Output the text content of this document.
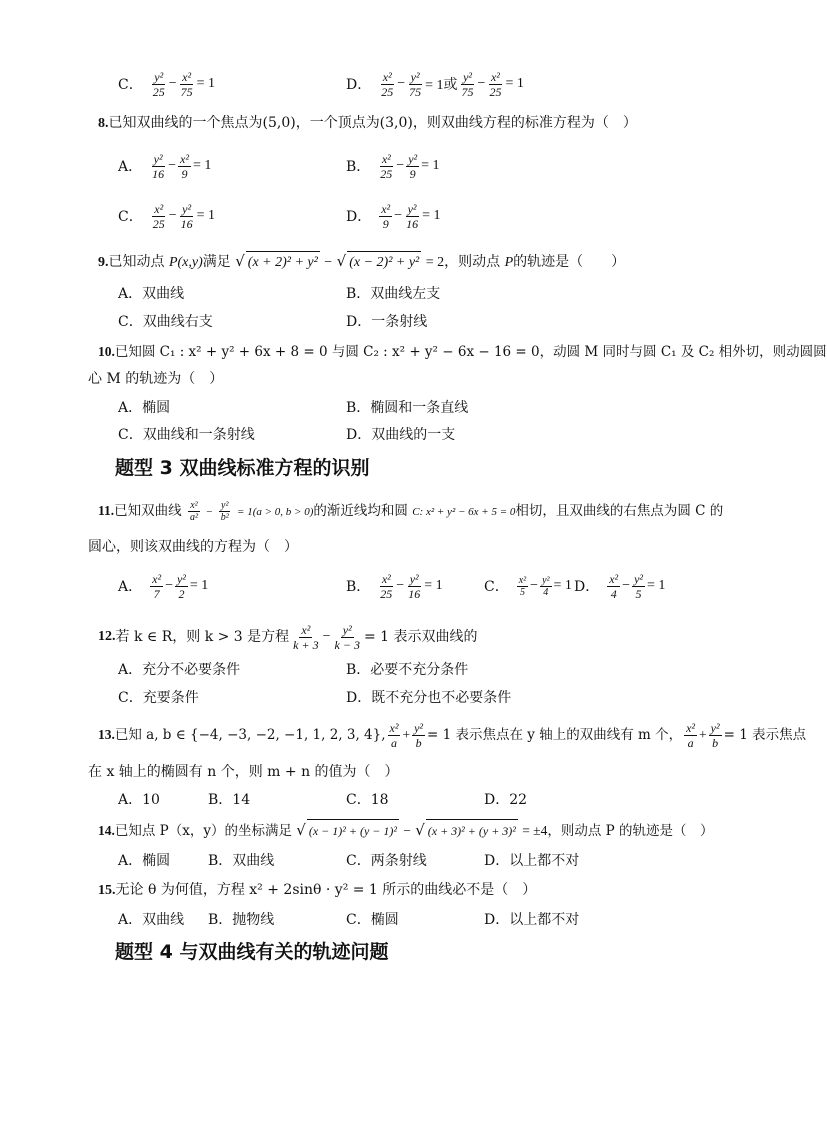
C． $\frac{\text{y²}}{25} - \frac{\text{x²}}{75} = 1$	D． $\frac{\text{x²}}{25} - \frac{\text{y²}}{75} = 1$或 $\frac{\text{y²}}{75} - \frac{\text{x²}}{25} = 1$
8.已知双曲线的一个焦点为(5,0)，一个顶点为(3,0)，则双曲线方程的标准方程为（　）
A． $\frac{\text{y²}}{16} - \frac{\text{x²}}{9} = 1$	B． $\frac{\text{x²}}{25} - \frac{\text{y²}}{9} = 1$
C． $\frac{\text{x²}}{25} - \frac{\text{y²}}{16} = 1$	D． $\frac{\text{x²}}{9} - \frac{\text{y²}}{16} = 1$
9.已知动点 P(x,y)满足 √ (x + 2)² + y² − √ (x − 2)² + y² = 2，则动点 P的轨迹是（　　）
A．双曲线	B．双曲线左支
C．双曲线右支	D．一条射线
10.已知圆 C₁ : x² + y² + 6x + 8 = 0 与圆 C₂ : x² + y² − 6x − 16 = 0，动圆 M 同时与圆 C₁ 及 C₂ 相外切，则动圆圆
心 M 的轨迹为（　）
A．椭圆	B．椭圆和一条直线
C．双曲线和一条射线	D．双曲线的一支
题型 3 双曲线标准方程的识别
11.已知双曲线 $\frac{\text{x²}}{\text{a²}} - \frac{\text{y²}}{\text{b²}} = 1(a > 0$, b > 0)的渐近线均和圆 C: x² + y² − 6x + 5 = 0相切，且双曲线的右焦点为圆 C 的
圆心，则该双曲线的方程为（　）
A． $\frac{\text{x²}}{7} - \frac{\text{y²}}{2} = 1$	B． $\frac{\text{x²}}{25} - \frac{\text{y²}}{16} = 1$	C． $\frac{\text{x²}}{5} - \frac{\text{y²}}{4} = 1$ D． $\frac{\text{x²}}{4} - \frac{\text{y²}}{5} = 1$
12. 若 k ∈ R，则 k > 3 是方程 $\frac{\text{x²}}{k + 3} - \frac{\text{y²}}{k - 3} = 1$ 表示双曲线的
A．充分不必要条件	B．必要不充分条件
C．充要条件	D．既不充分也不必要条件
13. 已知 a, b ∈ {−4, −3, −2, −1, 1, 2, 3, 4}, $\frac{\text{x²}}{a} + \frac{\text{y²}}{b} = 1$ 表示焦点在 y 轴上的双曲线有 m 个， $\frac{\text{x²}}{a} + \frac{\text{y²}}{b} = 1$ 表示焦点
在 x 轴上的椭圆有 n 个，则 m + n 的值为（　）
A．10	B．14	C．18	D．22
14.已知点 P（x，y）的坐标满足 √ (x − 1)² + (y − 1)² − √ (x + 3)² + (y + 3)² = ±4，则动点 P 的轨迹是（　）
A．椭圆	B．双曲线	C．两条射线	D．以上都不对
15.无论 θ 为何值，方程 x² + 2sinθ · y² = 1 所示的曲线必不是（　）
A．双曲线 B．抛物线	C．椭圆	D．以上都不对
题型 4 与双曲线有关的轨迹问题
